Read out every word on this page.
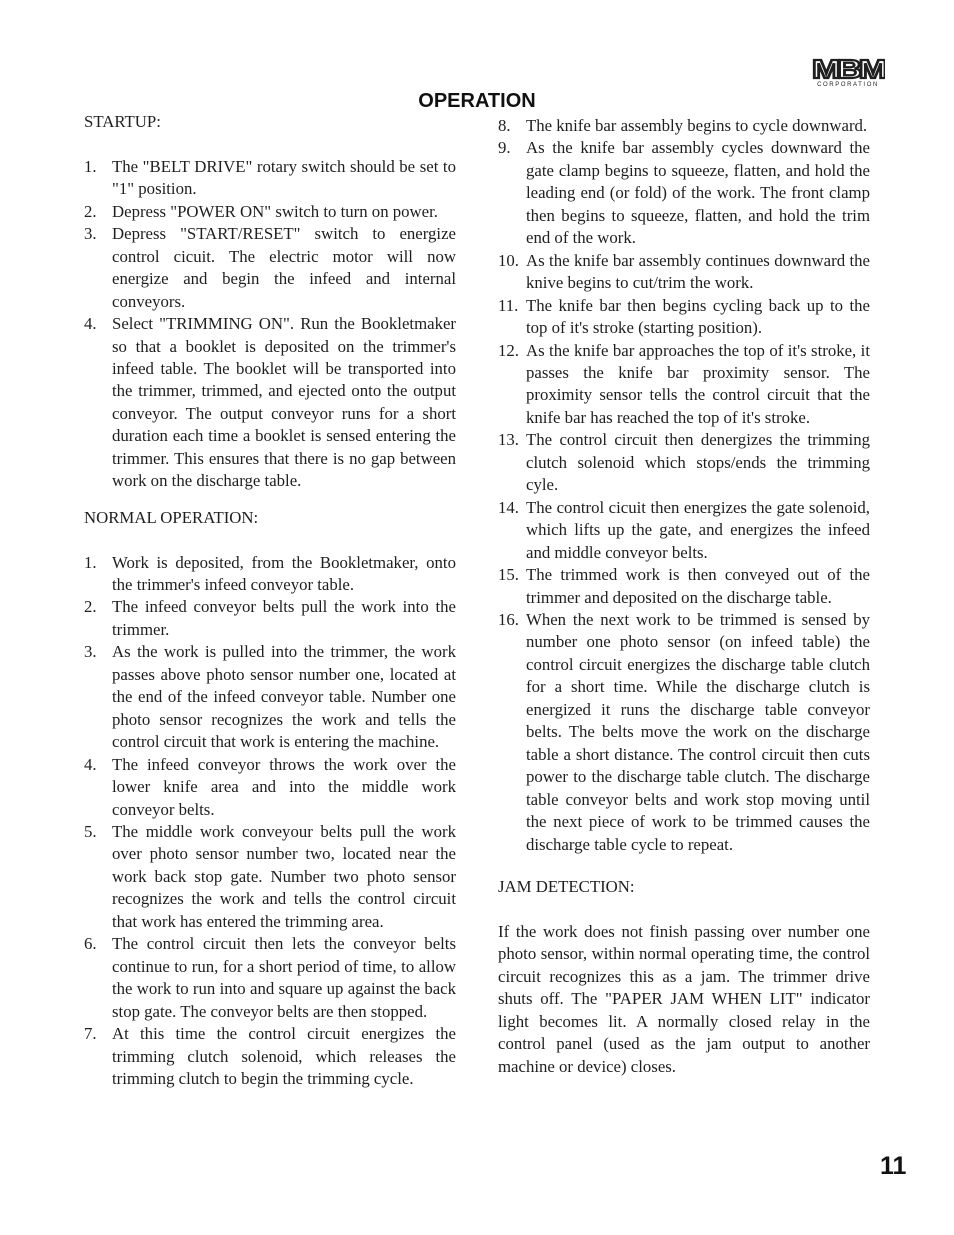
MBM
CORPORATION
OPERATION

STARTUP:

1. The "BELT DRIVE" rotary switch should be set to "1" position.
2. Depress "POWER ON" switch to turn on power.
3. Depress "START/RESET" switch to energize control cicuit. The electric motor will now energize and begin the infeed and internal conveyors.
4. Select "TRIMMING ON". Run the Bookletmaker so that a booklet is deposited on the trimmer's infeed table. The booklet will be transported into the trimmer, trimmed, and ejected onto the output conveyor. The output conveyor runs for a short duration each time a booklet is sensed entering the trimmer. This ensures that there is no gap between work on the discharge table.

NORMAL OPERATION:

1. Work is deposited, from the Bookletmaker, onto the trimmer's infeed conveyor table.
2. The infeed conveyor belts pull the work into the trimmer.
3. As the work is pulled into the trimmer, the work passes above photo sensor number one, located at the end of the infeed conveyor table. Number one photo sensor recognizes the work and tells the control circuit that work is entering the machine.
4. The infeed conveyor throws the work over the lower knife area and into the middle work conveyor belts.
5. The middle work conveyour belts pull the work over photo sensor number two, located near the work back stop gate. Number two photo sensor recognizes the work and tells the control circuit that work has entered the trimming area.
6. The control circuit then lets the conveyor belts continue to run, for a short period of time, to allow the work to run into and square up against the back stop gate. The conveyor belts are then stopped.
7. At this time the control circuit energizes the trimming clutch solenoid, which releases the trimming clutch to begin the trimming cycle.
8. The knife bar assembly begins to cycle downward.
9. As the knife bar assembly cycles downward the gate clamp begins to squeeze, flatten, and hold the leading end (or fold) of the work. The front clamp then begins to squeeze, flatten, and hold the trim end of the work.
10. As the knife bar assembly continues downward the knive begins to cut/trim the work.
11. The knife bar then begins cycling back up to the top of it's stroke (starting position).
12. As the knife bar approaches the top of it's stroke, it passes the knife bar proximity sensor. The proximity sensor tells the control circuit that the knife bar has reached the top of it's stroke.
13. The control circuit then denergizes the trimming clutch solenoid which stops/ends the trimming cyle.
14. The control cicuit then energizes the gate solenoid, which lifts up the gate, and energizes the infeed and middle conveyor belts.
15. The trimmed work is then conveyed out of the trimmer and deposited on the discharge table.
16. When the next work to be trimmed is sensed by number one photo sensor (on infeed table) the control circuit energizes the discharge table clutch for a short time. While the discharge clutch is energized it runs the discharge table conveyor belts. The belts move the work on the discharge table a short distance. The control circuit then cuts power to the discharge table clutch. The discharge table conveyor belts and work stop moving until the next piece of work to be trimmed causes the discharge table cycle to repeat.

JAM DETECTION:

If the work does not finish passing over number one photo sensor, within normal operating time, the control circuit recognizes this as a jam. The trimmer drive shuts off. The "PAPER JAM WHEN LIT" indicator light becomes lit. A normally closed relay in the control panel (used as the jam output to another machine or device) closes.

11
